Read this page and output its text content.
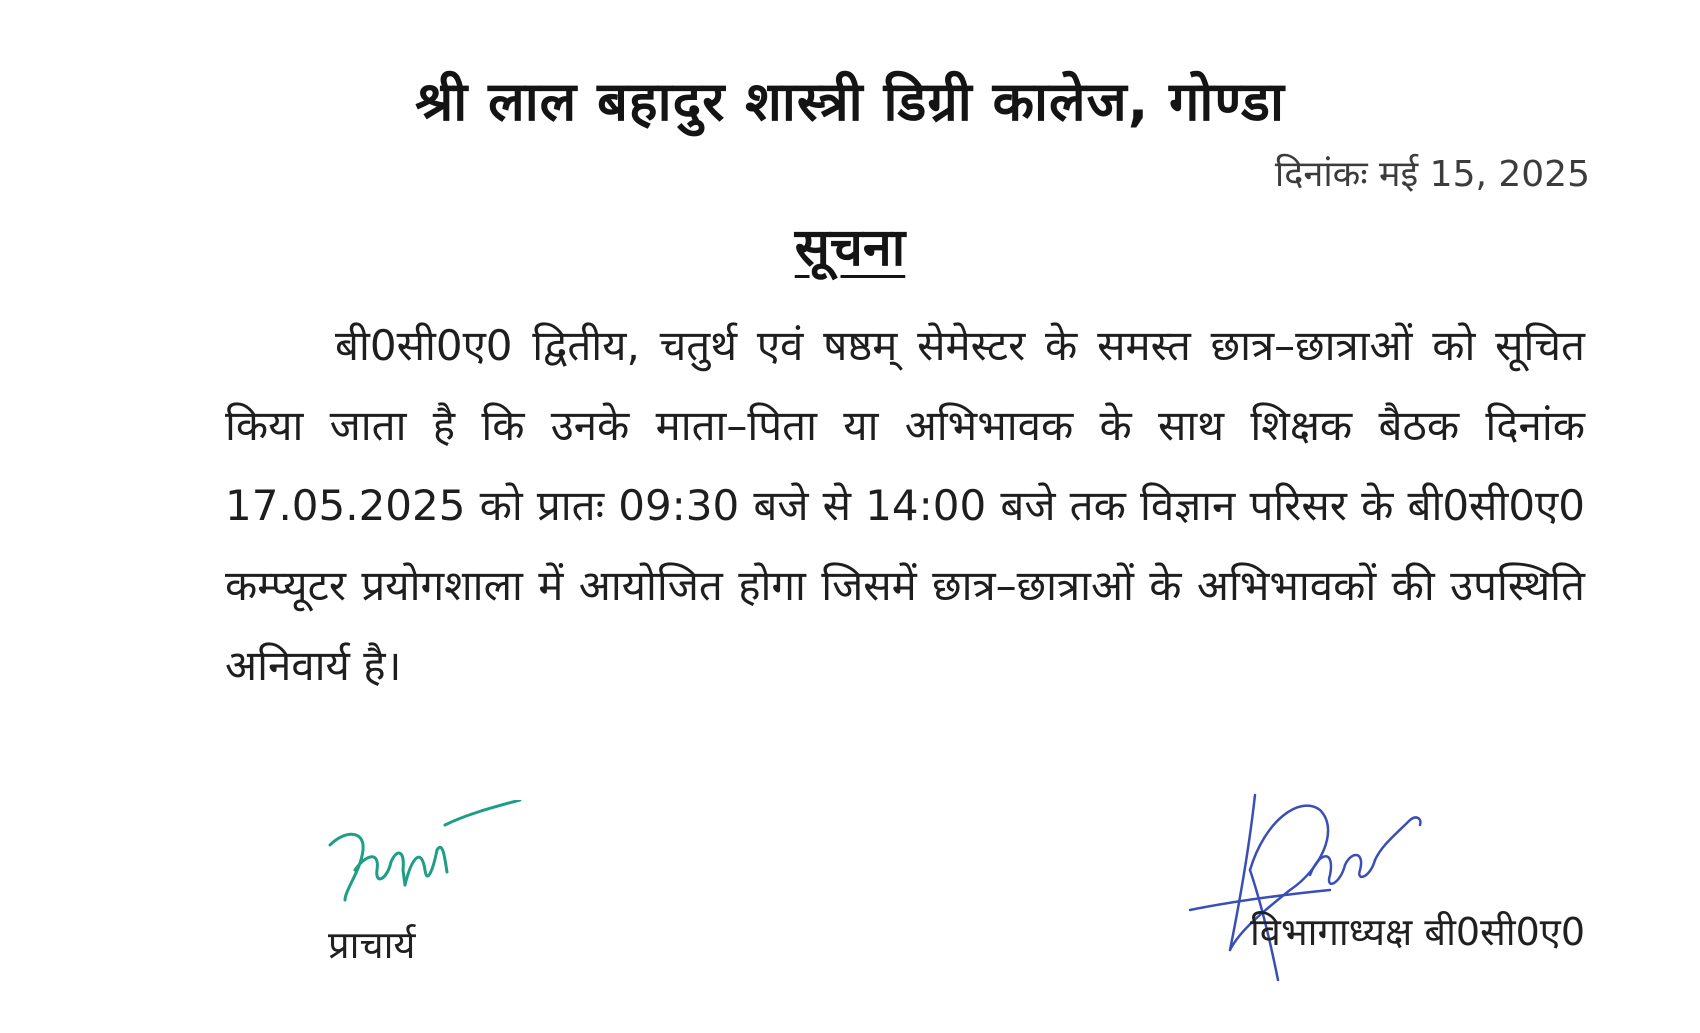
श्री लाल बहादुर शास्त्री डिग्री कालेज, गोण्डा
दिनांकः मई 15, 2025
सूचना

बी0सी0ए0 द्वितीय, चतुर्थ एवं षष्ठम् सेमेस्टर के समस्त छात्र–छात्राओं को सूचित किया जाता है कि उनके माता–पिता या अभिभावक के साथ शिक्षक बैठक दिनांक 17.05.2025 को प्रातः 09:30 बजे से 14:00 बजे तक विज्ञान परिसर के बी0सी0ए0 कम्प्यूटर प्रयोगशाला में आयोजित होगा जिसमें छात्र–छात्राओं के अभिभावकों की उपस्थिति अनिवार्य है।

प्राचार्य	विभागाध्यक्ष बी0सी0ए0
